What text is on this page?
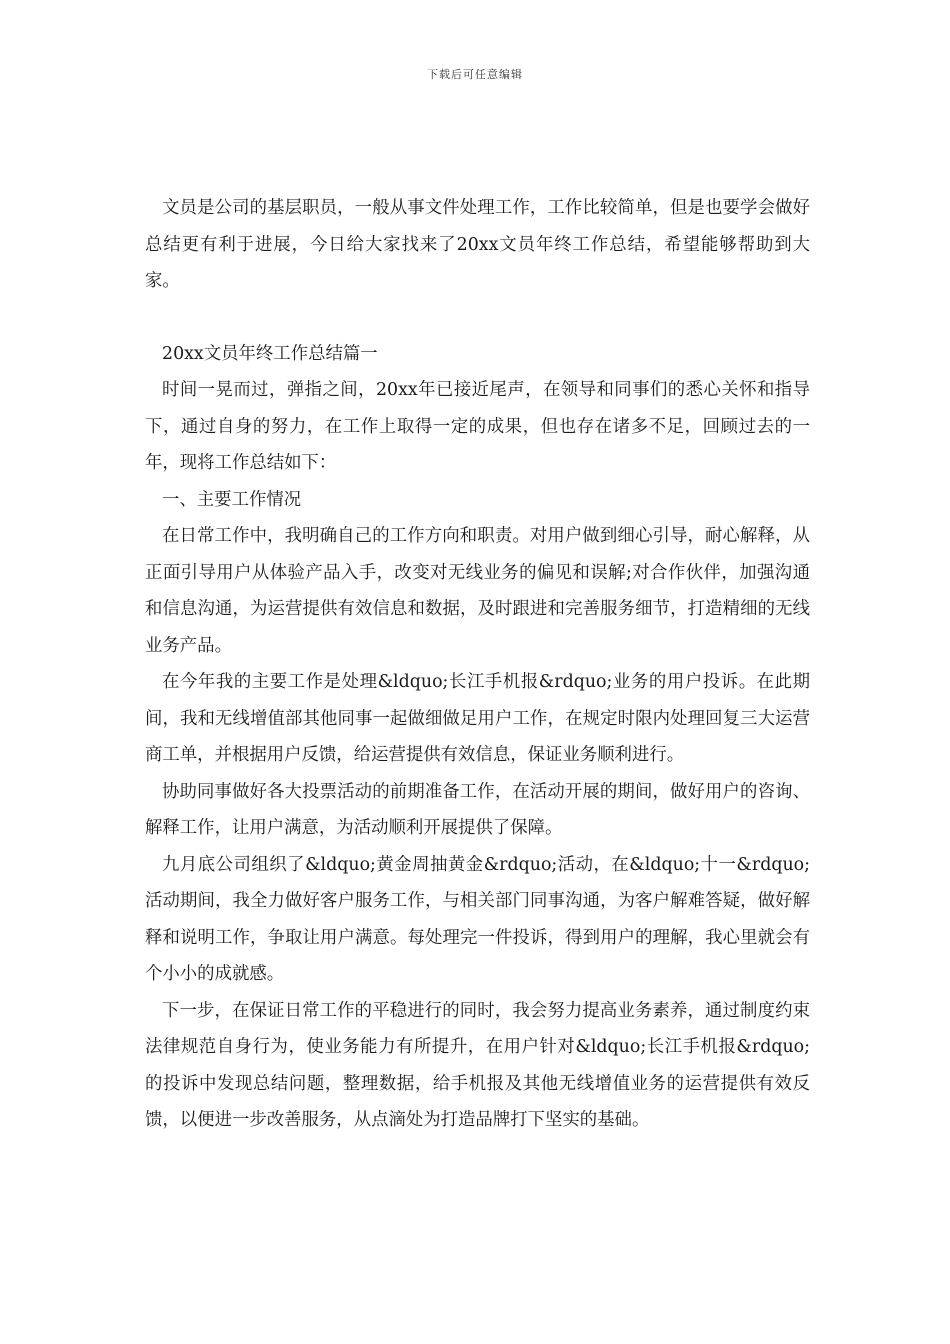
下载后可任意编辑

文员是公司的基层职员，一般从事文件处理工作，工作比较简单，但是也要学会做好总结更有利于进展，今日给大家找来了20xx文员年终工作总结，希望能够帮助到大家。

20xx文员年终工作总结篇一

时间一晃而过，弹指之间，20xx年已接近尾声，在领导和同事们的悉心关怀和指导下，通过自身的努力，在工作上取得一定的成果，但也存在诸多不足，回顾过去的一年，现将工作总结如下：

一、主要工作情况

在日常工作中，我明确自己的工作方向和职责。对用户做到细心引导，耐心解释，从正面引导用户从体验产品入手，改变对无线业务的偏见和误解;对合作伙伴，加强沟通和信息沟通，为运营提供有效信息和数据，及时跟进和完善服务细节，打造精细的无线业务产品。

在今年我的主要工作是处理&ldquo;长江手机报&rdquo;业务的用户投诉。在此期间，我和无线增值部其他同事一起做细做足用户工作，在规定时限内处理回复三大运营商工单，并根据用户反馈，给运营提供有效信息，保证业务顺利进行。

协助同事做好各大投票活动的前期准备工作，在活动开展的期间，做好用户的咨询、解释工作，让用户满意，为活动顺利开展提供了保障。

九月底公司组织了&ldquo;黄金周抽黄金&rdquo;活动，在&ldquo;十一&rdquo;活动期间，我全力做好客户服务工作，与相关部门同事沟通，为客户解难答疑，做好解释和说明工作，争取让用户满意。每处理完一件投诉，得到用户的理解，我心里就会有个小小的成就感。

下一步，在保证日常工作的平稳进行的同时，我会努力提高业务素养，通过制度约束法律规范自身行为，使业务能力有所提升，在用户针对&ldquo;长江手机报&rdquo;的投诉中发现总结问题，整理数据，给手机报及其他无线增值业务的运营提供有效反馈，以便进一步改善服务，从点滴处为打造品牌打下坚实的基础。
